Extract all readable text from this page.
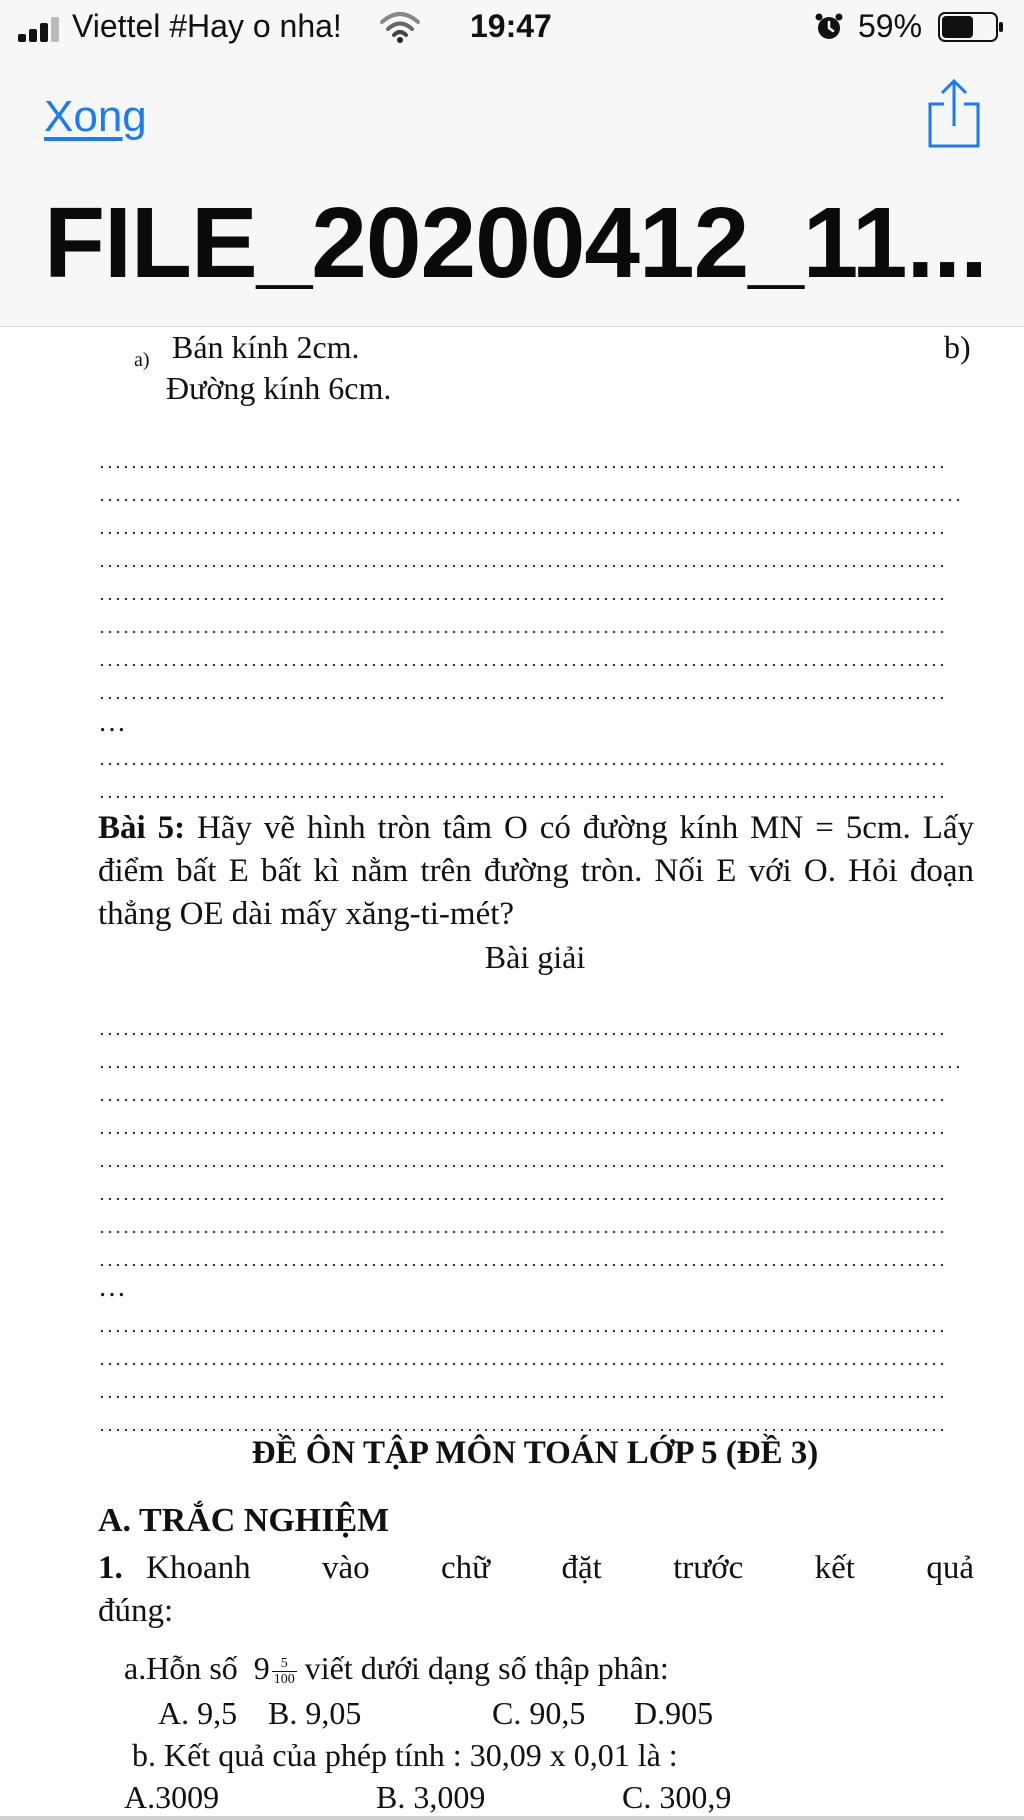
Viettel #Hay o nha!	19:47	59%
Xong
FILE_20200412_11...
a) Bán kính 2cm.	b)
Đường kính 6cm.
…
Bài 5: Hãy vẽ hình tròn tâm O có đường kính MN = 5cm. Lấy điểm bất E bất kì nằm trên đường tròn. Nối E với O. Hỏi đoạn thẳng OE dài mấy xăng-ti-mét?
Bài giải
…
ĐỀ ÔN TẬP MÔN TOÁN LỚP 5 (ĐỀ 3)
A. TRẮC NGHIỆM
1. Khoanh vào chữ đặt trước kết quả đúng:
a.Hỗn số $9 \frac{5}{100}$ viết dưới dạng số thập phân:
A. 9,5 B. 9,05	C. 90,5 D.905
b. Kết quả của phép tính : 30,09 x 0,01 là :
A.3009	B. 3,009	C. 300,9
